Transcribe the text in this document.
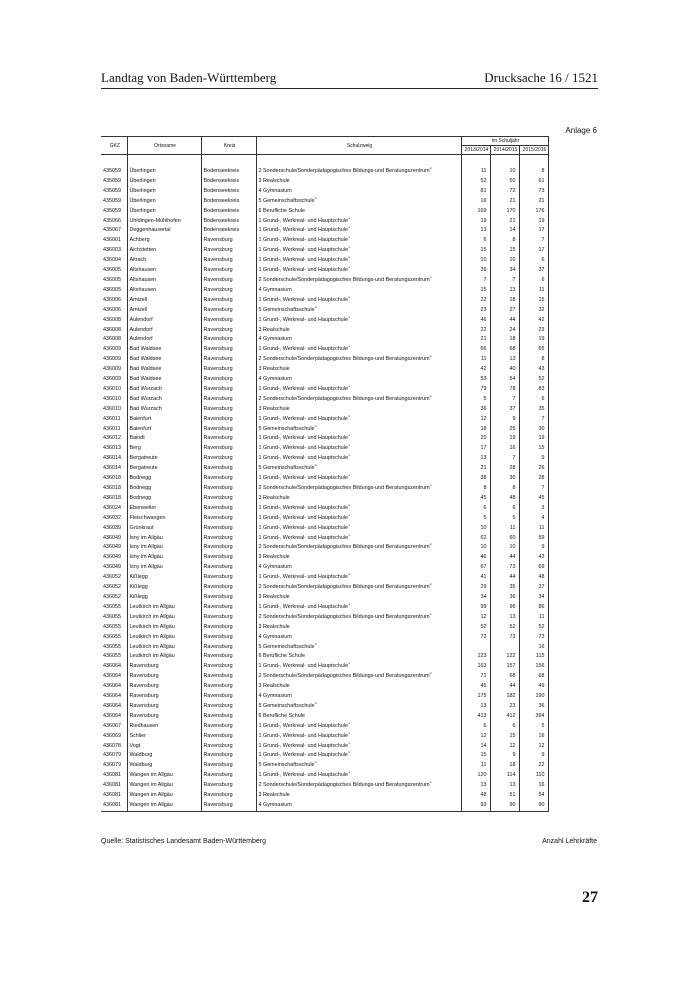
Landtag von Baden-Württemberg	Drucksache 16 / 1521
Anlage 6
GKZ	Ortsname	Kreis	Schulzweig	im Schuljahr		
				2013/2014	2014/2015	2015/2016

435059	Überlingen	Bodenseekreis	2 Sonderschule/Sonderpädagogisches Bildungs-und Beratungszentrum$^2$	11	10	8
435059	Überlingen	Bodenseekreis	3 Realschule	52	50	61
435059	Überlingen	Bodenseekreis	4 Gymnasium	81	72	73
435059	Überlingen	Bodenseekreis	5 Gemeinschaftsschule$^3$	16	21	21
435059	Überlingen	Bodenseekreis	6 Berufliche Schule	169	170	176
435066	Uhldingen-Mühlhofen	Bodenseekreis	1 Grund-, Werkreal- und Hauptschule$^1$	19	21	19
435067	Deggenhausertal	Bodenseekreis	1 Grund-, Werkreal- und Hauptschule$^1$	13	14	17
436001	Achberg	Ravensburg	1 Grund-, Werkreal- und Hauptschule$^1$	6	8	7
436003	Aichstetten	Ravensburg	1 Grund-, Werkreal- und Hauptschule$^1$	15	15	17
436004	Aitrach	Ravensburg	1 Grund-, Werkreal- und Hauptschule$^1$	10	10	6
436005	Altshausen	Ravensburg	1 Grund-, Werkreal- und Hauptschule$^1$	39	34	37
436005	Altshausen	Ravensburg	2 Sonderschule/Sonderpädagogisches Bildungs-und Beratungszentrum$^2$	7	7	6
436005	Altshausen	Ravensburg	4 Gymnasium	15	13	11
436006	Amtzell	Ravensburg	1 Grund-, Werkreal- und Hauptschule$^1$	22	18	15
436006	Amtzell	Ravensburg	5 Gemeinschaftsschule$^3$	23	27	32
436008	Aulendorf	Ravensburg	1 Grund-, Werkreal- und Hauptschule$^1$	46	44	42
436008	Aulendorf	Ravensburg	3 Realschule	22	24	23
436008	Aulendorf	Ravensburg	4 Gymnasium	21	18	19
436009	Bad Waldsee	Ravensburg	1 Grund-, Werkreal- und Hauptschule$^1$	66	68	65
436009	Bad Waldsee	Ravensburg	2 Sonderschule/Sonderpädagogisches Bildungs-und Beratungszentrum$^2$	11	13	8
436009	Bad Waldsee	Ravensburg	3 Realschule	42	40	43
436009	Bad Waldsee	Ravensburg	4 Gymnasium	53	54	52
436010	Bad Wurzach	Ravensburg	1 Grund-, Werkreal- und Hauptschule$^1$	79	78	83
436010	Bad Wurzach	Ravensburg	2 Sonderschule/Sonderpädagogisches Bildungs-und Beratungszentrum$^2$	5	7	6
436010	Bad Wurzach	Ravensburg	3 Realschule	36	37	35
436011	Baienfurt	Ravensburg	1 Grund-, Werkreal- und Hauptschule$^1$	12	9	7
436011	Baienfurt	Ravensburg	5 Gemeinschaftsschule$^3$	18	25	30
436012	Baindt	Ravensburg	1 Grund-, Werkreal- und Hauptschule$^1$	20	19	19
436013	Berg	Ravensburg	1 Grund-, Werkreal- und Hauptschule$^1$	17	16	15
436014	Bergatreute	Ravensburg	1 Grund-, Werkreal- und Hauptschule$^1$	13	7	9
436014	Bergatreute	Ravensburg	5 Gemeinschaftsschule$^3$	21	28	26
436018	Bodnegg	Ravensburg	1 Grund-, Werkreal- und Hauptschule$^1$	38	30	28
436018	Bodnegg	Ravensburg	2 Sonderschule/Sonderpädagogisches Bildungs-und Beratungszentrum$^2$	8	8	7
436018	Bodnegg	Ravensburg	3 Realschule	45	48	45
436024	Ebenweiler	Ravensburg	1 Grund-, Werkreal- und Hauptschule$^1$	6	6	3
436032	Fleischwangen	Ravensburg	1 Grund-, Werkreal- und Hauptschule$^1$	5	5	4
436039	Grünkraut	Ravensburg	1 Grund-, Werkreal- und Hauptschule$^1$	10	11	11
436049	Isny im Allgäu	Ravensburg	1 Grund-, Werkreal- und Hauptschule$^1$	62	60	59
436049	Isny im Allgäu	Ravensburg	2 Sonderschule/Sonderpädagogisches Bildungs-und Beratungszentrum$^2$	10	10	9
436049	Isny im Allgäu	Ravensburg	3 Realschule	46	44	43
436049	Isny im Allgäu	Ravensburg	4 Gymnasium	67	73	69
436052	Kißlegg	Ravensburg	1 Grund-, Werkreal- und Hauptschule$^1$	41	44	48
436052	Kißlegg	Ravensburg	2 Sonderschule/Sonderpädagogisches Bildungs-und Beratungszentrum$^2$	29	35	37
436052	Kißlegg	Ravensburg	3 Realschule	34	36	34
436055	Leutkirch im Allgäu	Ravensburg	1 Grund-, Werkreal- und Hauptschule$^1$	99	96	86
436055	Leutkirch im Allgäu	Ravensburg	2 Sonderschule/Sonderpädagogisches Bildungs-und Beratungszentrum$^2$	12	13	11
436055	Leutkirch im Allgäu	Ravensburg	3 Realschule	52	52	52
436055	Leutkirch im Allgäu	Ravensburg	4 Gymnasium	72	73	73
436055	Leutkirch im Allgäu	Ravensburg	5 Gemeinschaftsschule$^3$			16
436055	Leutkirch im Allgäu	Ravensburg	6 Berufliche Schule	123	122	115
436064	Ravensburg	Ravensburg	1 Grund-, Werkreal- und Hauptschule$^1$	163	157	156
436064	Ravensburg	Ravensburg	2 Sonderschule/Sonderpädagogisches Bildungs-und Beratungszentrum$^2$	71	68	68
436064	Ravensburg	Ravensburg	3 Realschule	45	44	49
436064	Ravensburg	Ravensburg	4 Gymnasium	175	182	190
436064	Ravensburg	Ravensburg	5 Gemeinschaftsschule$^3$	13	23	36
436064	Ravensburg	Ravensburg	6 Berufliche Schule	413	412	394
436067	Riedhausen	Ravensburg	1 Grund-, Werkreal- und Hauptschule$^1$	6	6	5
436069	Schlier	Ravensburg	1 Grund-, Werkreal- und Hauptschule$^1$	12	15	16
436078	Vogt	Ravensburg	1 Grund-, Werkreal- und Hauptschule$^1$	14	12	12
436079	Waldburg	Ravensburg	1 Grund-, Werkreal- und Hauptschule$^1$	15	9	9
436079	Waldburg	Ravensburg	5 Gemeinschaftsschule$^3$	11	18	22
436081	Wangen im Allgäu	Ravensburg	1 Grund-, Werkreal- und Hauptschule$^1$	120	114	110
436081	Wangen im Allgäu	Ravensburg	2 Sonderschule/Sonderpädagogisches Bildungs-und Beratungszentrum$^2$	13	13	16
436081	Wangen im Allgäu	Ravensburg	3 Realschule	48	51	54
436081	Wangen im Allgäu	Ravensburg	4 Gymnasium	93	90	90
Quelle: Statistisches Landesamt Baden-Württemberg	Anzahl Lehrkräfte
27
